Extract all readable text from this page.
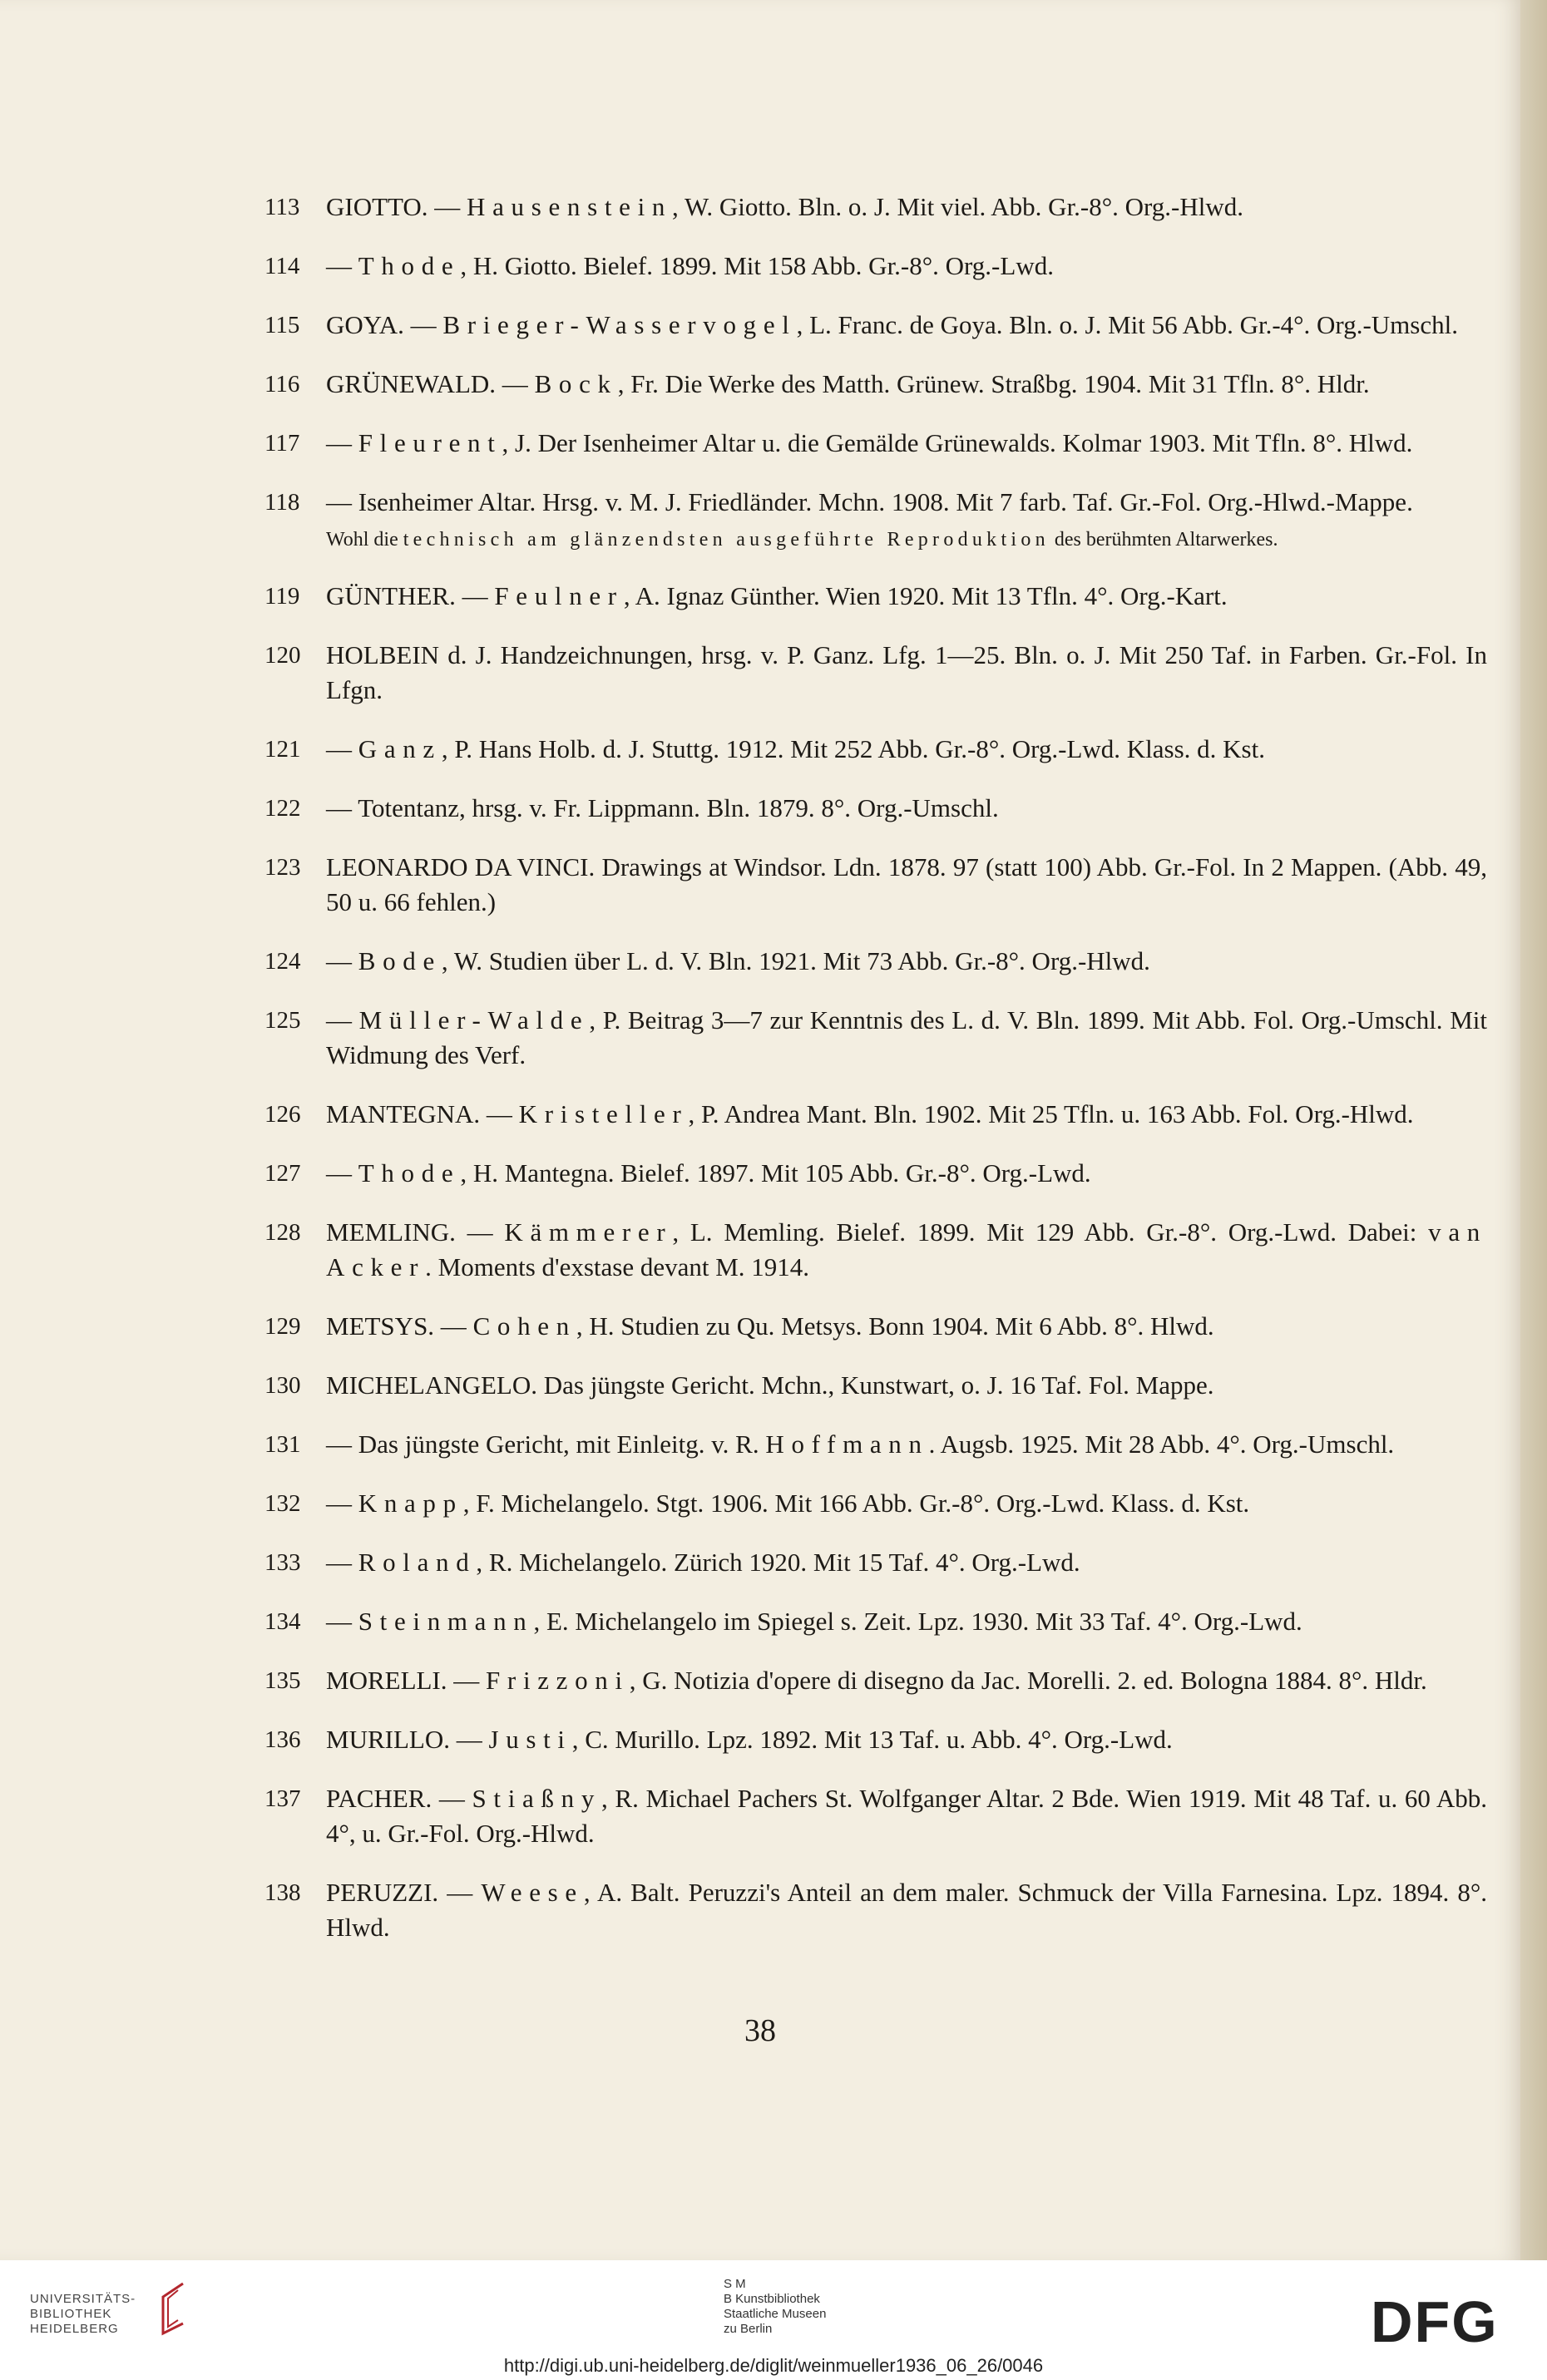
113	GIOTTO. — Hausenstein, W. Giotto. Bln. o. J. Mit viel. Abb. Gr.-8°. Org.-Hlwd.
114	— Thode, H. Giotto. Bielef. 1899. Mit 158 Abb. Gr.-8°. Org.-Lwd.
115	GOYA. — Brieger-Wasservogel, L. Franc. de Goya. Bln. o. J. Mit 56 Abb. Gr.-4°. Org.-Umschl.
116	GRÜNEWALD. — Bock, Fr. Die Werke des Matth. Grünew. Straßbg. 1904. Mit 31 Tfln. 8°. Hldr.
117	— Fleurent, J. Der Isenheimer Altar u. die Gemälde Grünewalds. Kolmar 1903. Mit Tfln. 8°. Hlwd.
118	— Isenheimer Altar. Hrsg. v. M. J. Friedländer. Mchn. 1908. Mit 7 farb. Taf. Gr.-Fol. Org.-Hlwd.-Mappe.
Wohl die technisch am glänzendsten ausgeführte Reproduktion des berühmten Altarwerkes.
119	GÜNTHER. — Feulner, A. Ignaz Günther. Wien 1920. Mit 13 Tfln. 4°. Org.-Kart.
120 HOLBEIN d. J. Handzeichnungen, hrsg. v. P. Ganz. Lfg. 1—25. Bln. o. J. Mit 250 Taf. in Farben. Gr.-Fol. In Lfgn.
121 — Ganz, P. Hans Holb. d. J. Stuttg. 1912. Mit 252 Abb. Gr.-8°. Org.-Lwd. Klass. d. Kst.
122 — Totentanz, hrsg. v. Fr. Lippmann. Bln. 1879. 8°. Org.-Umschl.
123 LEONARDO DA VINCI. Drawings at Windsor. Ldn. 1878. 97 (statt 100) Abb. Gr.-Fol. In 2 Mappen. (Abb. 49, 50 u. 66 fehlen.)
124 — Bode, W. Studien über L. d. V. Bln. 1921. Mit 73 Abb. Gr.-8°. Org.-Hlwd.
125 — Müller-Walde, P. Beitrag 3—7 zur Kenntnis des L. d. V. Bln. 1899. Mit Abb. Fol. Org.-Umschl. Mit Widmung des Verf.
126 MANTEGNA. — Kristeller, P. Andrea Mant. Bln. 1902. Mit 25 Tfln. u. 163 Abb. Fol. Org.-Hlwd.
127 — Thode, H. Mantegna. Bielef. 1897. Mit 105 Abb. Gr.-8°. Org.-Lwd.
128 MEMLING. — Kämmerer, L. Memling. Bielef. 1899. Mit 129 Abb. Gr.-8°. Org.-Lwd. Dabei: van Acker. Moments d'exstase devant M. 1914.
129 METSYS. — Cohen, H. Studien zu Qu. Metsys. Bonn 1904. Mit 6 Abb. 8°. Hlwd.
130 MICHELANGELO. Das jüngste Gericht. Mchn., Kunstwart, o. J. 16 Taf. Fol. Mappe.
131 — Das jüngste Gericht, mit Einleitg. v. R. Hoffmann. Augsb. 1925. Mit 28 Abb. 4°. Org.-Umschl.
132 — Knapp, F. Michelangelo. Stgt. 1906. Mit 166 Abb. Gr.-8°. Org.-Lwd. Klass. d. Kst.
133 — Roland, R. Michelangelo. Zürich 1920. Mit 15 Taf. 4°. Org.-Lwd.
134 — Steinmann, E. Michelangelo im Spiegel s. Zeit. Lpz. 1930. Mit 33 Taf. 4°. Org.-Lwd.
135 MORELLI. — Frizzoni, G. Notizia d'opere di disegno da Jac. Morelli. 2. ed. Bologna 1884. 8°. Hldr.
136 MURILLO. — Justi, C. Murillo. Lpz. 1892. Mit 13 Taf. u. Abb. 4°. Org.-Lwd.
137 PACHER. — Stiaßny, R. Michael Pachers St. Wolfganger Altar. 2 Bde. Wien 1919. Mit 48 Taf. u. 60 Abb. 4°, u. Gr.-Fol. Org.-Hlwd.
138 PERUZZI. — Weese, A. Balt. Peruzzi's Anteil an dem maler. Schmuck der Villa Farnesina. Lpz. 1894. 8°. Hlwd.
38
UNIVERSITÄTS-
BIBLIOTHEK
HEIDELBERG
S M
B Kunstbibliothek
Staatliche Museen
zu Berlin	DFG
http://digi.ub.uni-heidelberg.de/diglit/weinmueller1936_06_26/0046
